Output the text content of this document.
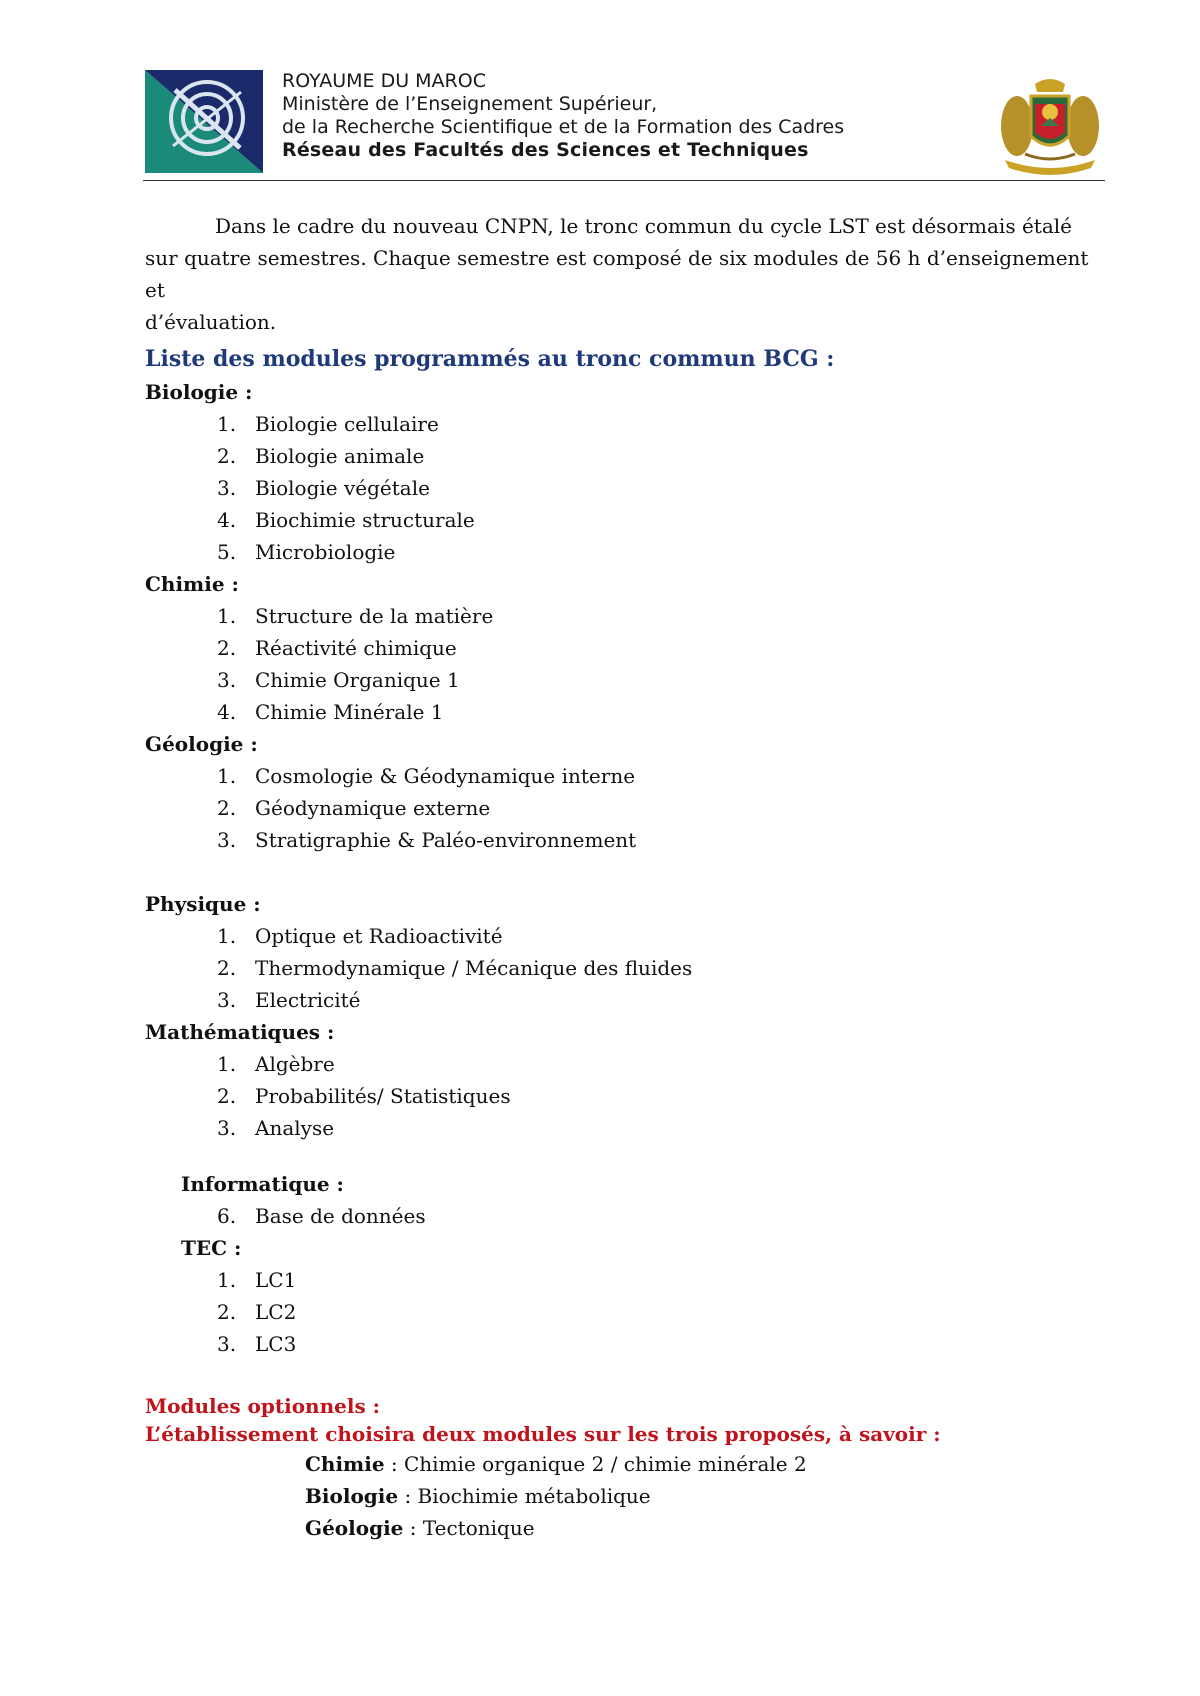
ROYAUME DU MAROC
Ministère de l’Enseignement Supérieur,
de la Recherche Scientifique et de la Formation des Cadres
Réseau des Facultés des Sciences et Techniques

Dans le cadre du nouveau CNPN, le tronc commun du cycle LST est désormais étalé
sur quatre semestres. Chaque semestre est composé de six modules de 56 h d’enseignement et
d’évaluation.

Liste des modules programmés au tronc commun BCG :
Biologie :
1. Biologie cellulaire
2. Biologie animale
3. Biologie végétale
4. Biochimie structurale
5. Microbiologie
Chimie :
1. Structure de la matière
2. Réactivité chimique
3. Chimie Organique 1
4. Chimie Minérale 1
Géologie :
1. Cosmologie & Géodynamique interne
2. Géodynamique externe
3. Stratigraphie & Paléo-environnement
Physique :
1. Optique et Radioactivité
2. Thermodynamique / Mécanique des fluides
3. Electricité
Mathématiques :
1. Algèbre
2. Probabilités/ Statistiques
3. Analyse
Informatique :
6. Base de données
TEC :
1. LC1
2. LC2
3. LC3
Modules optionnels :
L’établissement choisira deux modules sur les trois proposés, à savoir :
Chimie : Chimie organique 2 / chimie minérale 2
Biologie : Biochimie métabolique
Géologie : Tectonique
